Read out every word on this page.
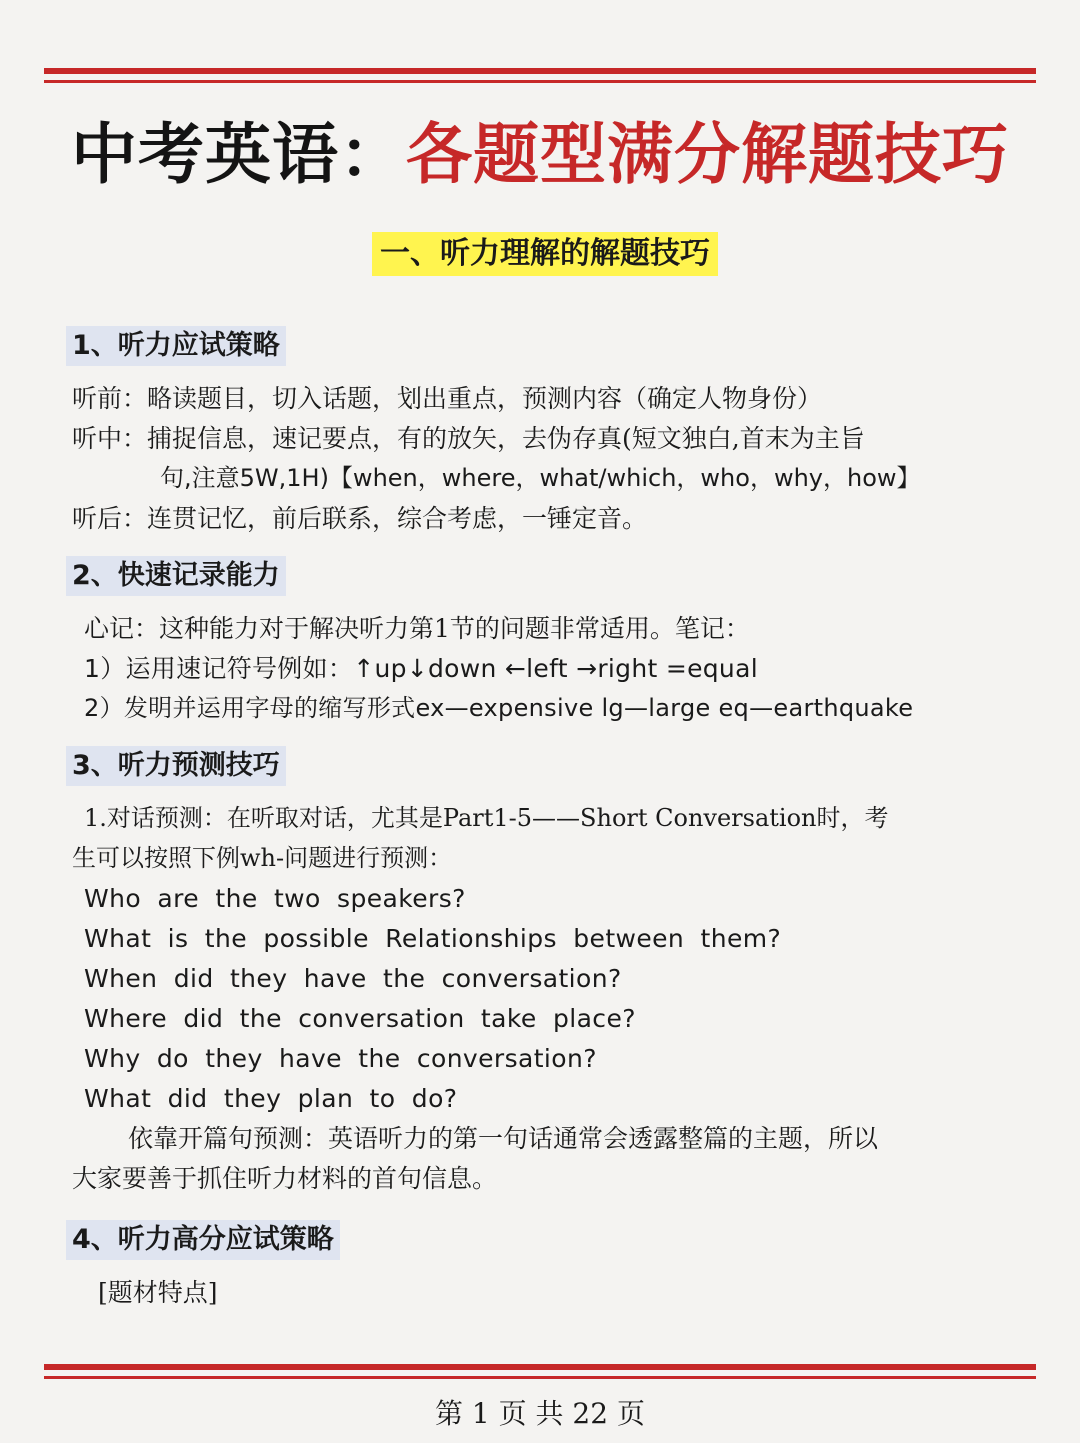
中考英语：各题型满分解题技巧
一、听力理解的解题技巧
1、听力应试策略
听前：略读题目，切入话题，划出重点，预测内容（确定人物身份）
听中：捕捉信息，速记要点，有的放矢，去伪存真(短文独白,首末为主旨
句,注意5W,1H)【when，where，what/which，who，why，how】
听后：连贯记忆，前后联系，综合考虑，一锤定音。
2、快速记录能力
心记：这种能力对于解决听力第1节的问题非常适用。笔记：
1）运用速记符号例如：↑up↓down ←left →right =equal
2）发明并运用字母的缩写形式ex—expensive lg—large eq—earthquake
3、听力预测技巧
1.对话预测：在听取对话，尤其是Part1-5——Short Conversation时，考
生可以按照下例wh-问题进行预测：
Who are the two speakers?
What is the possible Relationships between them?
When did they have the conversation?
Where did the conversation take place?
Why do they have the conversation?
What did they plan to do?
依靠开篇句预测：英语听力的第一句话通常会透露整篇的主题，所以
大家要善于抓住听力材料的首句信息。
4、听力高分应试策略
[题材特点]
第 1 页 共 22 页
